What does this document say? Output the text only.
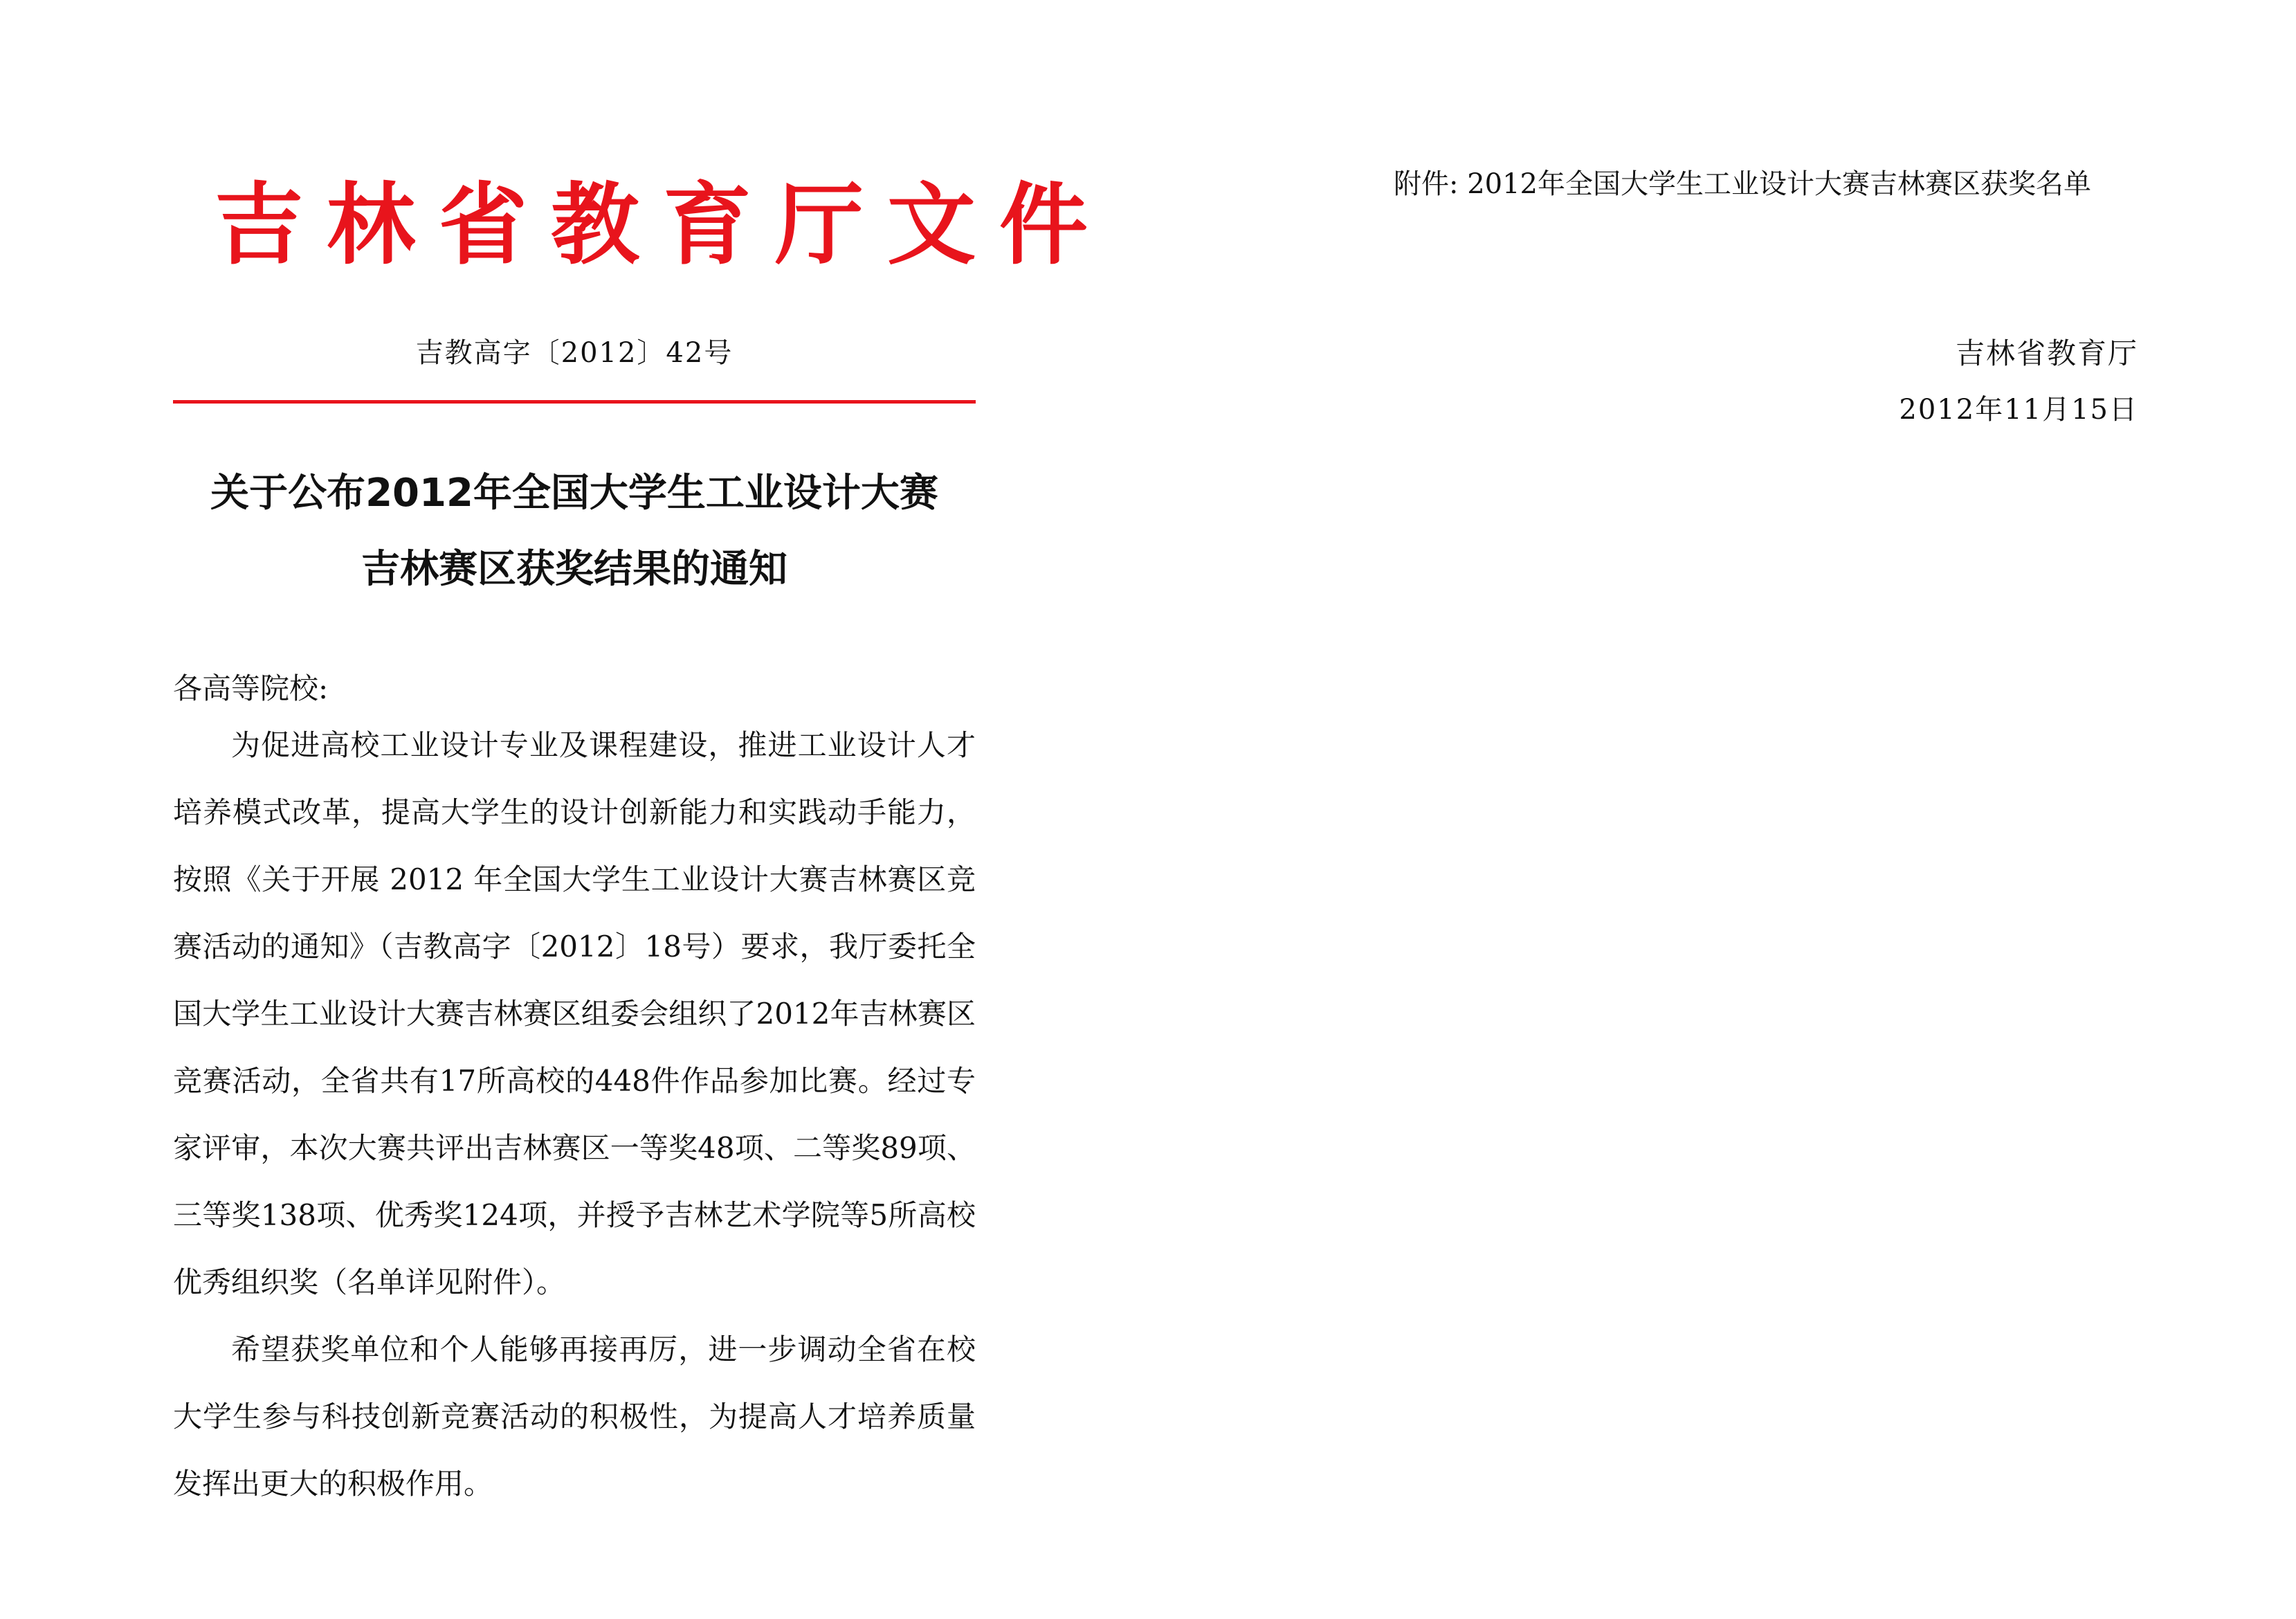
吉林省教育厅文件
吉教高字〔2012〕42号
关于公布2012年全国大学生工业设计大赛
吉林赛区获奖结果的通知
各高等院校:

为促进高校工业设计专业及课程建设，推进工业设计人才培养模式改革，提高大学生的设计创新能力和实践动手能力，按照《关于开展 2012 年全国大学生工业设计大赛吉林赛区竞赛活动的通知》（吉教高字〔2012〕18号）要求，我厅委托全国大学生工业设计大赛吉林赛区组委会组织了2012年吉林赛区竞赛活动，全省共有17所高校的448件作品参加比赛。经过专家评审，本次大赛共评出吉林赛区一等奖48项、二等奖89项、三等奖138项、优秀奖124项，并授予吉林艺术学院等5所高校优秀组织奖（名单详见附件）。

希望获奖单位和个人能够再接再厉，进一步调动全省在校大学生参与科技创新竞赛活动的积极性，为提高人才培养质量发挥出更大的积极作用。

附件: 2012年全国大学生工业设计大赛吉林赛区获奖名单
吉林省教育厅
2012年11月15日
